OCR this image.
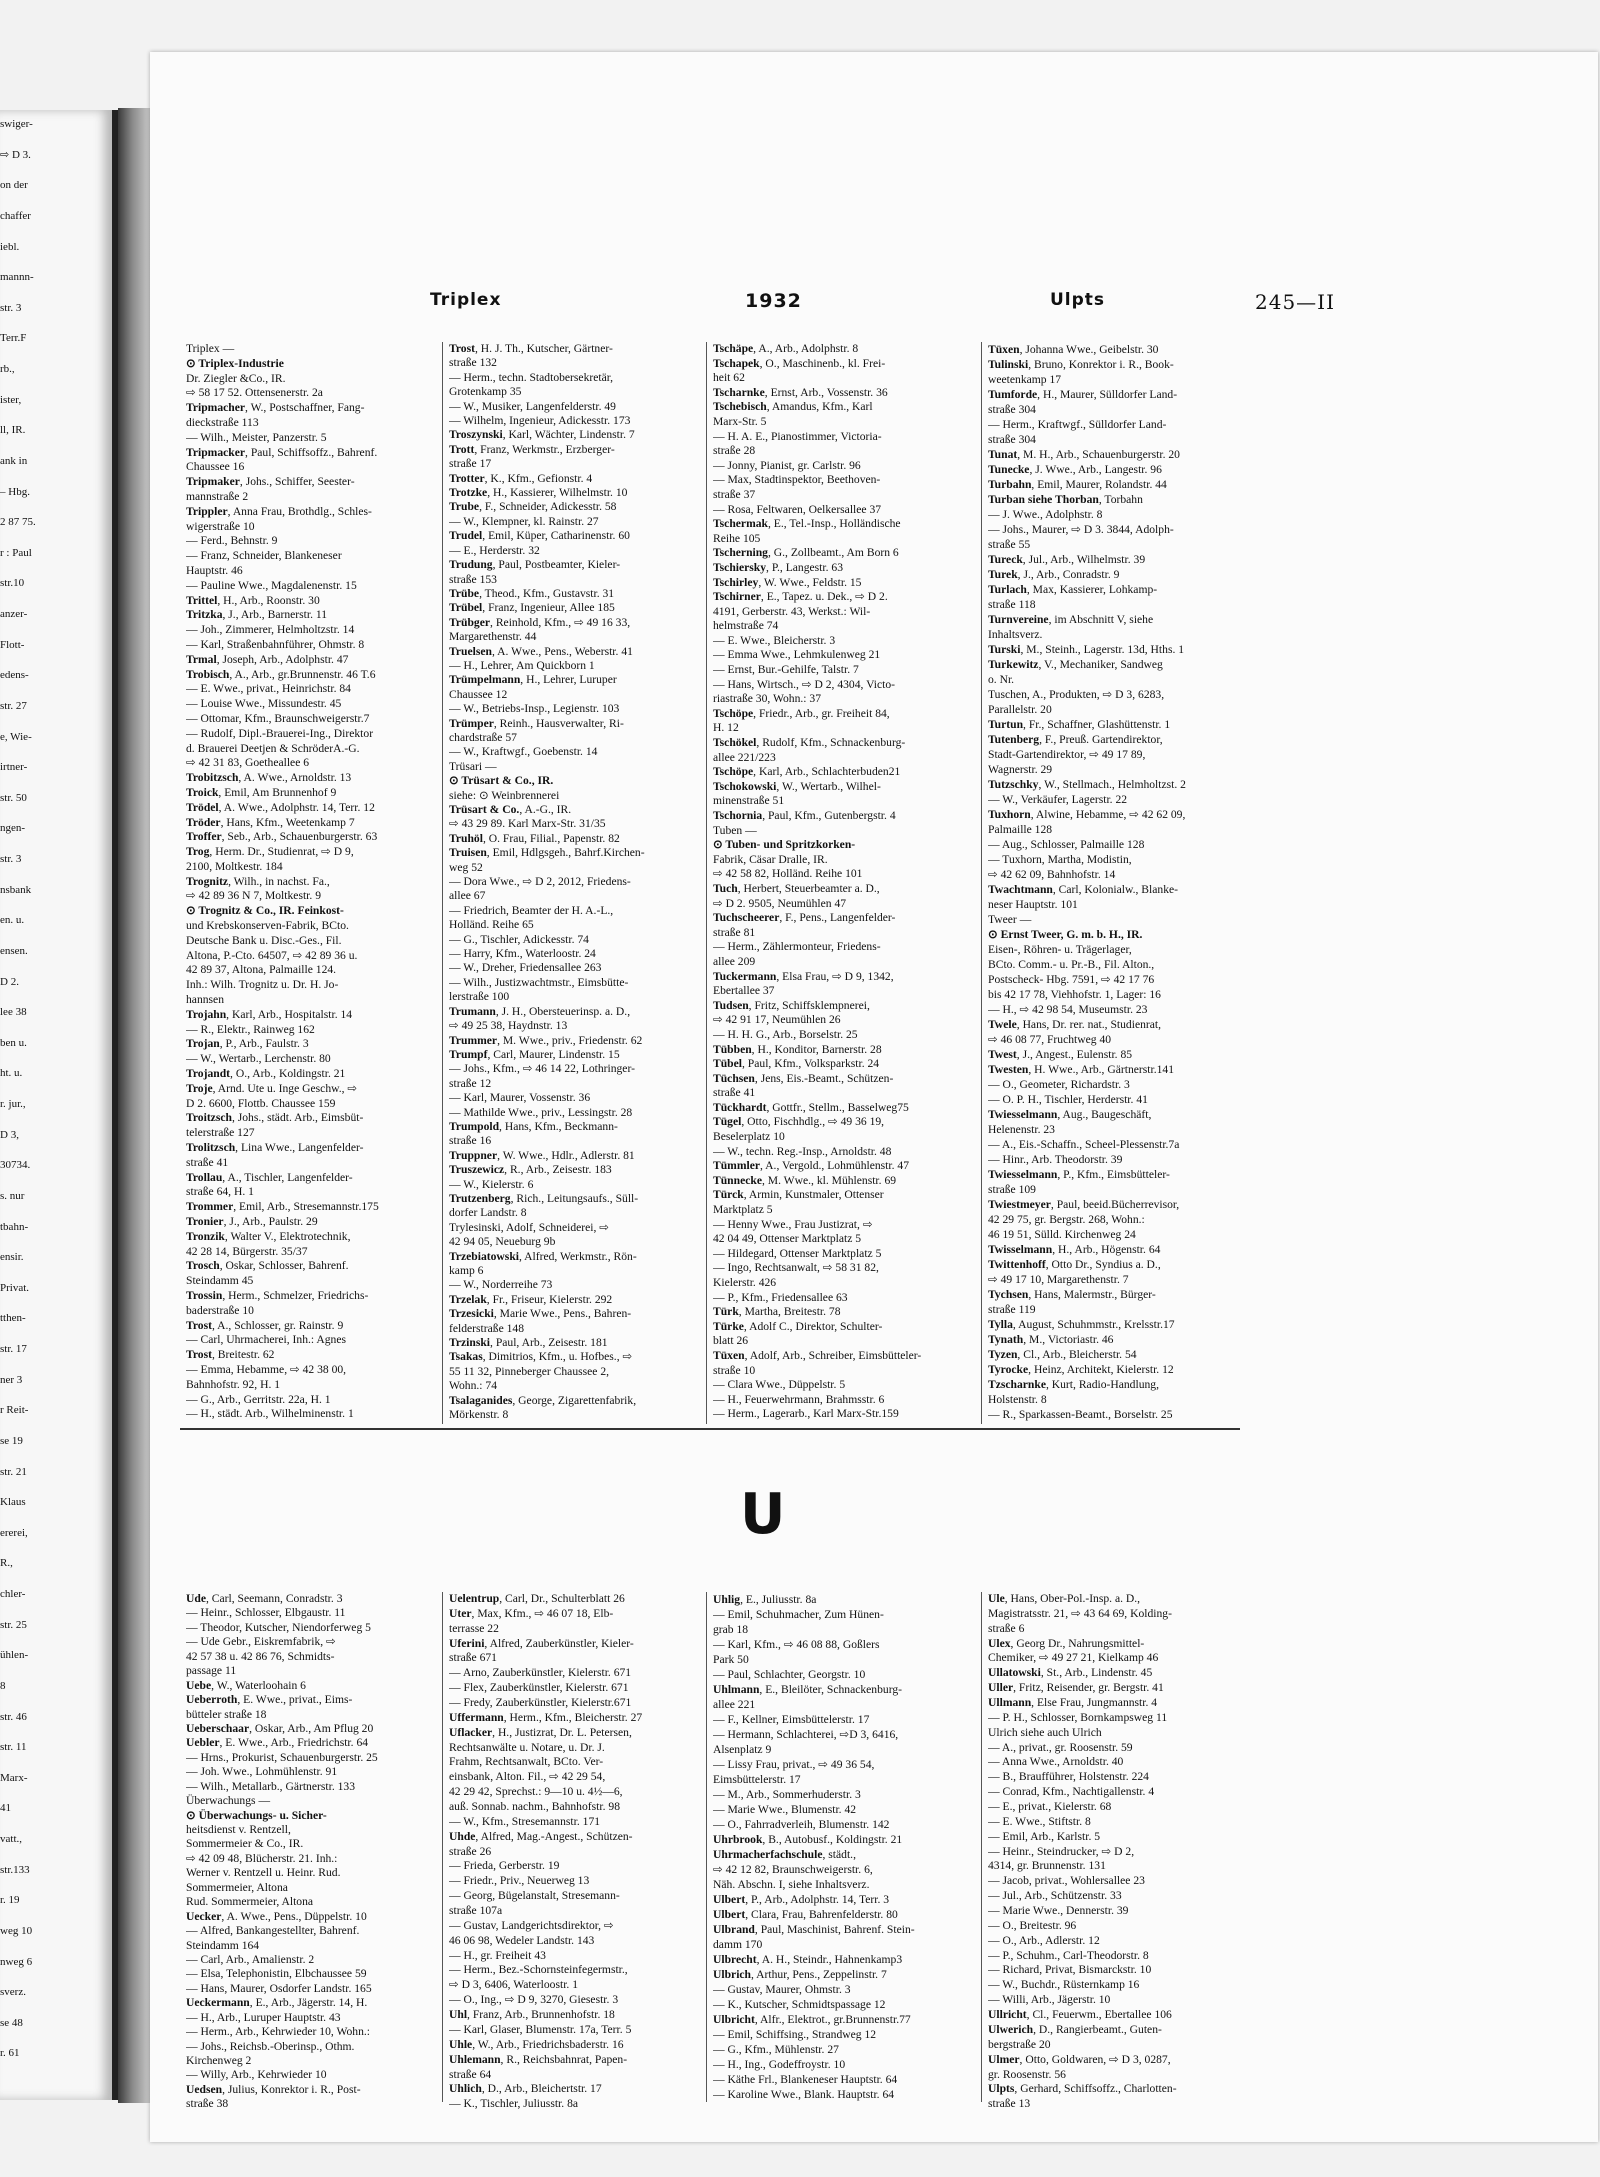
swiger-
⇨ D 3.
on der
chaffer
iebl.
mannn-
str. 3
Terr.F
rb.,
ister,
ll, IR.
ank in
– Hbg.
2 87 75.
r : Paul
str.10
anzer-
Flott-
edens-
str. 27
e, Wie-
irtner-
str. 50
ngen-
str. 3
nsbank
en. u.
ensen.
D 2.
lee 38
ben u.
ht. u.
r. jur.,
D 3,
30734.
s. nur
tbahn-
ensir.
Privat.
tthen-
str. 17
ner 3
r Reit-
se 19
str. 21
Klaus
ererei,
R.,
chler-
str. 25
ühlen-
8
str. 46
str. 11
Marx-
41
vatt.,
str.133
r. 19
weg 10
nweg 6
sverz.
se 48
r. 61
Triplex	1932	Ulpts	245—II
Triplex —
⊙ Triplex-Industrie
Dr. Ziegler &Co., IR.
⇨ 58 17 52. Ottensenerstr. 2a
Tripmacher, W., Postschaffner, Fang-
dieckstraße 113
— Wilh., Meister, Panzerstr. 5
Tripmacker, Paul, Schiffsoffz., Bahrenf.
Chaussee 16
Tripmaker, Johs., Schiffer, Seester-
mannstraße 2
Trippler, Anna Frau, Brothdlg., Schles-
wigerstraße 10
— Ferd., Behnstr. 9
— Franz, Schneider, Blankeneser
Hauptstr. 46
— Pauline Wwe., Magdalenenstr. 15
Trittel, H., Arb., Roonstr. 30
Tritzka, J., Arb., Barnerstr. 11
— Joh., Zimmerer, Helmholtzstr. 14
— Karl, Straßenbahnführer, Ohmstr. 8
Trmal, Joseph, Arb., Adolphstr. 47
Trobisch, A., Arb., gr.Brunnenstr. 46 T.6
— E. Wwe., privat., Heinrichstr. 84
— Louise Wwe., Missundestr. 45
— Ottomar, Kfm., Braunschweigerstr.7
— Rudolf, Dipl.-Brauerei-Ing., Direktor
d. Brauerei Deetjen & SchröderA.-G.
⇨ 42 31 83, Goetheallee 6
Trobitzsch, A. Wwe., Arnoldstr. 13
Troick, Emil, Am Brunnenhof 9
Trödel, A. Wwe., Adolphstr. 14, Terr. 12
Tröder, Hans, Kfm., Weetenkamp 7
Troffer, Seb., Arb., Schauenburgerstr. 63
Trog, Herm. Dr., Studienrat, ⇨ D 9,
2100, Moltkestr. 184
Trognitz, Wilh., in nachst. Fa.,
⇨ 42 89 36 N 7, Moltkestr. 9
⊙ Trognitz & Co., IR. Feinkost-
und Krebskonserven-Fabrik, BCto.
Deutsche Bank u. Disc.-Ges., Fil.
Altona, P.-Cto. 64507, ⇨ 42 89 36 u.
42 89 37, Altona, Palmaille 124.
Inh.: Wilh. Trognitz u. Dr. H. Jo-
hannsen
Trojahn, Karl, Arb., Hospitalstr. 14
— R., Elektr., Rainweg 162
Trojan, P., Arb., Faulstr. 3
— W., Wertarb., Lerchenstr. 80
Trojandt, O., Arb., Koldingstr. 21
Troje, Arnd. Ute u. Inge Geschw., ⇨
D 2. 6600, Flottb. Chaussee 159
Troitzsch, Johs., städt. Arb., Eimsbüt-
telerstraße 127
Trolitzsch, Lina Wwe., Langenfelder-
straße 41
Trollau, A., Tischler, Langenfelder-
straße 64, H. 1
Trommer, Emil, Arb., Stresemannstr.175
Tronier, J., Arb., Paulstr. 29
Tronzik, Walter V., Elektrotechnik,
42 28 14, Bürgerstr. 35/37
Trosch, Oskar, Schlosser, Bahrenf.
Steindamm 45
Trossin, Herm., Schmelzer, Friedrichs-
baderstraße 10
Trost, A., Schlosser, gr. Rainstr. 9
— Carl, Uhrmacherei, Inh.: Agnes
Trost, Breitestr. 62
— Emma, Hebamme, ⇨ 42 38 00,
Bahnhofstr. 92, H. 1
— G., Arb., Gerritstr. 22a, H. 1
— H., städt. Arb., Wilhelminenstr. 1
Trost, H. J. Th., Kutscher, Gärtner-
straße 132
— Herm., techn. Stadtobersekretär,
Grotenkamp 35
— W., Musiker, Langenfelderstr. 49
— Wilhelm, Ingenieur, Adickesstr. 173
Troszynski, Karl, Wächter, Lindenstr. 7
Trott, Franz, Werkmstr., Erzberger-
straße 17
Trotter, K., Kfm., Gefionstr. 4
Trotzke, H., Kassierer, Wilhelmstr. 10
Trube, F., Schneider, Adickesstr. 58
— W., Klempner, kl. Rainstr. 27
Trudel, Emil, Küper, Catharinenstr. 60
— E., Herderstr. 32
Trudung, Paul, Postbeamter, Kieler-
straße 153
Trübe, Theod., Kfm., Gustavstr. 31
Trübel, Franz, Ingenieur, Allee 185
Trübger, Reinhold, Kfm., ⇨ 49 16 33,
Margarethenstr. 44
Truelsen, A. Wwe., Pens., Weberstr. 41
— H., Lehrer, Am Quickborn 1
Trümpelmann, H., Lehrer, Luruper
Chaussee 12
— W., Betriebs-Insp., Legienstr. 103
Trümper, Reinh., Hausverwalter, Ri-
chardstraße 57
— W., Kraftwgf., Goebenstr. 14
Trüsari —
⊙ Trüsart & Co., IR.
siehe: ⊙ Weinbrennerei
Trüsart & Co., A.-G., IR.
⇨ 43 29 89. Karl Marx-Str. 31/35
Truhöl, O. Frau, Filial., Papenstr. 82
Truisen, Emil, Hdlgsgeh., Bahrf.Kirchen-
weg 52
— Dora Wwe., ⇨ D 2, 2012, Friedens-
allee 67
— Friedrich, Beamter der H. A.-L.,
Holländ. Reihe 65
— G., Tischler, Adickesstr. 74
— Harry, Kfm., Waterloostr. 24
— W., Dreher, Friedensallee 263
— Wilh., Justizwachtmstr., Eimsbütte-
lerstraße 100
Trumann, J. H., Obersteuerinsp. a. D.,
⇨ 49 25 38, Haydnstr. 13
Trummer, M. Wwe., priv., Friedenstr. 62
Trumpf, Carl, Maurer, Lindenstr. 15
— Johs., Kfm., ⇨ 46 14 22, Lothringer-
straße 12
— Karl, Maurer, Vossenstr. 36
— Mathilde Wwe., priv., Lessingstr. 28
Trumpold, Hans, Kfm., Beckmann-
straße 16
Truppner, W. Wwe., Hdlr., Adlerstr. 81
Truszewicz, R., Arb., Zeisestr. 183
— W., Kielerstr. 6
Trutzenberg, Rich., Leitungsaufs., Süll-
dorfer Landstr. 8
Trylesinski, Adolf, Schneiderei, ⇨
42 94 05, Neueburg 9b
Trzebiatowski, Alfred, Werkmstr., Rön-
kamp 6
— W., Norderreihe 73
Trzelak, Fr., Friseur, Kielerstr. 292
Trzesicki, Marie Wwe., Pens., Bahren-
felderstraße 148
Trzinski, Paul, Arb., Zeisestr. 181
Tsakas, Dimitrios, Kfm., u. Hofbes., ⇨
55 11 32, Pinneberger Chaussee 2,
Wohn.: 74
Tsalaganides, George, Zigarettenfabrik,
Mörkenstr. 8
Tschäpe, A., Arb., Adolphstr. 8
Tschapek, O., Maschinenb., kl. Frei-
heit 62
Tscharnke, Ernst, Arb., Vossenstr. 36
Tschebisch, Amandus, Kfm., Karl
Marx-Str. 5
— H. A. E., Pianostimmer, Victoria-
straße 28
— Jonny, Pianist, gr. Carlstr. 96
— Max, Stadtinspektor, Beethoven-
straße 37
— Rosa, Feltwaren, Oelkersallee 37
Tschermak, E., Tel.-Insp., Holländische
Reihe 105
Tscherning, G., Zollbeamt., Am Born 6
Tschiersky, P., Langestr. 63
Tschirley, W. Wwe., Feldstr. 15
Tschirner, E., Tapez. u. Dek., ⇨ D 2.
4191, Gerberstr. 43, Werkst.: Wil-
helmstraße 74
— E. Wwe., Bleicherstr. 3
— Emma Wwe., Lehmkulenweg 21
— Ernst, Bur.-Gehilfe, Talstr. 7
— Hans, Wirtsch., ⇨ D 2, 4304, Victo-
riastraße 30, Wohn.: 37
Tschöpe, Friedr., Arb., gr. Freiheit 84,
H. 12
Tschökel, Rudolf, Kfm., Schnackenburg-
allee 221/223
Tschöpe, Karl, Arb., Schlachterbuden21
Tschokowski, W., Wertarb., Wilhel-
minenstraße 51
Tschornia, Paul, Kfm., Gutenbergstr. 4
Tuben —
⊙ Tuben- und Spritzkorken-
Fabrik, Cäsar Dralle, IR.
⇨ 42 58 82, Holländ. Reihe 101
Tuch, Herbert, Steuerbeamter a. D.,
⇨ D 2. 9505, Neumühlen 47
Tuchscheerer, F., Pens., Langenfelder-
straße 81
— Herm., Zählermonteur, Friedens-
allee 209
Tuckermann, Elsa Frau, ⇨ D 9, 1342,
Ebertallee 37
Tudsen, Fritz, Schiffsklempnerei,
⇨ 42 91 17, Neumühlen 26
— H. H. G., Arb., Borselstr. 25
Tübben, H., Konditor, Barnerstr. 28
Tübel, Paul, Kfm., Volksparkstr. 24
Tüchsen, Jens, Eis.-Beamt., Schützen-
straße 41
Tückhardt, Gottfr., Stellm., Basselweg75
Tügel, Otto, Fischhdlg., ⇨ 49 36 19,
Beselerplatz 10
— W., techn. Reg.-Insp., Arnoldstr. 48
Tümmler, A., Vergold., Lohmühlenstr. 47
Tünnecke, M. Wwe., kl. Mühlenstr. 69
Türck, Armin, Kunstmaler, Ottenser
Marktplatz 5
— Henny Wwe., Frau Justizrat, ⇨
42 04 49, Ottenser Marktplatz 5
— Hildegard, Ottenser Marktplatz 5
— Ingo, Rechtsanwalt, ⇨ 58 31 82,
Kielerstr. 426
— P., Kfm., Friedensallee 63
Türk, Martha, Breitestr. 78
Türke, Adolf C., Direktor, Schulter-
blatt 26
Tüxen, Adolf, Arb., Schreiber, Eimsbütteler-
straße 10
— Clara Wwe., Düppelstr. 5
— H., Feuerwehrmann, Brahmsstr. 6
— Herm., Lagerarb., Karl Marx-Str.159
Tüxen, Johanna Wwe., Geibelstr. 30
Tulinski, Bruno, Konrektor i. R., Book-
weetenkamp 17
Tumforde, H., Maurer, Sülldorfer Land-
straße 304
— Herm., Kraftwgf., Sülldorfer Land-
straße 304
Tunat, M. H., Arb., Schauenburgerstr. 20
Tunecke, J. Wwe., Arb., Langestr. 96
Turbahn, Emil, Maurer, Rolandstr. 44
Turban siehe Thorban, Torbahn
— J. Wwe., Adolphstr. 8
— Johs., Maurer, ⇨ D 3. 3844, Adolph-
straße 55
Tureck, Jul., Arb., Wilhelmstr. 39
Turek, J., Arb., Conradstr. 9
Turlach, Max, Kassierer, Lohkamp-
straße 118
Turnvereine, im Abschnitt V, siehe
Inhaltsverz.
Turski, M., Steinh., Lagerstr. 13d, Hths. 1
Turkewitz, V., Mechaniker, Sandweg
o. Nr.
Tuschen, A., Produkten, ⇨ D 3, 6283,
Parallelstr. 20
Turtun, Fr., Schaffner, Glashüttenstr. 1
Tutenberg, F., Preuß. Gartendirektor,
Stadt-Gartendirektor, ⇨ 49 17 89,
Wagnerstr. 29
Tutzschky, W., Stellmach., Helmholtzst. 2
— W., Verkäufer, Lagerstr. 22
Tuxhorn, Alwine, Hebamme, ⇨ 42 62 09,
Palmaille 128
— Aug., Schlosser, Palmaille 128
— Tuxhorn, Martha, Modistin,
⇨ 42 62 09, Bahnhofstr. 14
Twachtmann, Carl, Kolonialw., Blanke-
neser Hauptstr. 101
Tweer —
⊙ Ernst Tweer, G. m. b. H., IR.
Eisen-, Röhren- u. Trägerlager,
BCto. Comm.- u. Pr.-B., Fil. Alton.,
Postscheck- Hbg. 7591, ⇨ 42 17 76
bis 42 17 78, Viehhofstr. 1, Lager: 16
— H., ⇨ 42 98 54, Museumstr. 23
Twele, Hans, Dr. rer. nat., Studienrat,
⇨ 46 08 77, Fruchtweg 40
Twest, J., Angest., Eulenstr. 85
Twesten, H. Wwe., Arb., Gärtnerstr.141
— O., Geometer, Richardstr. 3
— O. P. H., Tischler, Herderstr. 41
Twiesselmann, Aug., Baugeschäft,
Helenenstr. 23
— A., Eis.-Schaffn., Scheel-Plessenstr.7a
— Hinr., Arb. Theodorstr. 39
Twiesselmann, P., Kfm., Eimsbütteler-
straße 109
Twiestmeyer, Paul, beeid.Bücherrevisor,
42 29 75, gr. Bergstr. 268, Wohn.:
46 19 51, Sülld. Kirchenweg 24
Twisselmann, H., Arb., Högenstr. 64
Twittenhoff, Otto Dr., Syndius a. D.,
⇨ 49 17 10, Margarethenstr. 7
Tychsen, Hans, Malermstr., Bürger-
straße 119
Tylla, August, Schuhmmstr., Krelsstr.17
Tynath, M., Victoriastr. 46
Tyzen, Cl., Arb., Bleicherstr. 54
Tyrocke, Heinz, Architekt, Kielerstr. 12
Tzscharnke, Kurt, Radio-Handlung,
Holstenstr. 8
— R., Sparkassen-Beamt., Borselstr. 25
U
Ude, Carl, Seemann, Conradstr. 3
— Heinr., Schlosser, Elbgaustr. 11
— Theodor, Kutscher, Niendorferweg 5
— Ude Gebr., Eiskremfabrik, ⇨
42 57 38 u. 42 86 76, Schmidts-
passage 11
Uebe, W., Waterloohain 6
Ueberroth, E. Wwe., privat., Eims-
bütteler straße 18
Ueberschaar, Oskar, Arb., Am Pflug 20
Uebler, E. Wwe., Arb., Friedrichstr. 64
— Hrns., Prokurist, Schauenburgerstr. 25
— Joh. Wwe., Lohmühlenstr. 91
— Wilh., Metallarb., Gärtnerstr. 133
Überwachungs —
⊙ Überwachungs- u. Sicher-
heitsdienst v. Rentzell,
Sommermeier & Co., IR.
⇨ 42 09 48, Blücherstr. 21. Inh.:
Werner v. Rentzell u. Heinr. Rud.
Sommermeier, Altona
Rud. Sommermeier, Altona
Uecker, A. Wwe., Pens., Düppelstr. 10
— Alfred, Bankangestellter, Bahrenf.
Steindamm 164
— Carl, Arb., Amalienstr. 2
— Elsa, Telephonistin, Elbchaussee 59
— Hans, Maurer, Osdorfer Landstr. 165
Ueckermann, E., Arb., Jägerstr. 14, H.
— H., Arb., Luruper Hauptstr. 43
— Herm., Arb., Kehrwieder 10, Wohn.:
— Johs., Reichsb.-Oberinsp., Othm.
Kirchenweg 2
— Willy, Arb., Kehrwieder 10
Uedsen, Julius, Konrektor i. R., Post-
straße 38
Uelentrup, Carl, Dr., Schulterblatt 26
Uter, Max, Kfm., ⇨ 46 07 18, Elb-
terrasse 22
Uferini, Alfred, Zauberkünstler, Kieler-
straße 671
— Arno, Zauberkünstler, Kielerstr. 671
— Flex, Zauberkünstler, Kielerstr. 671
— Fredy, Zauberkünstler, Kielerstr.671
Uffermann, Herm., Kfm., Bleicherstr. 27
Uflacker, H., Justizrat, Dr. L. Petersen,
Rechtsanwälte u. Notare, u. Dr. J.
Frahm, Rechtsanwalt, BCto. Ver-
einsbank, Alton. Fil., ⇨ 42 29 54,
42 29 42, Sprechst.: 9—10 u. 4½—6,
auß. Sonnab. nachm., Bahnhofstr. 98
— W., Kfm., Stresemannstr. 171
Uhde, Alfred, Mag.-Angest., Schützen-
straße 26
— Frieda, Gerberstr. 19
— Friedr., Priv., Neuerweg 13
— Georg, Bügelanstalt, Stresemann-
straße 107a
— Gustav, Landgerichtsdirektor, ⇨
46 06 98, Wedeler Landstr. 143
— H., gr. Freiheit 43
— Herm., Bez.-Schornsteinfegermstr.,
⇨ D 3, 6406, Waterloostr. 1
— O., Ing., ⇨ D 9, 3270, Giesestr. 3
Uhl, Franz, Arb., Brunnenhofstr. 18
— Karl, Glaser, Blumenstr. 17a, Terr. 5
Uhle, W., Arb., Friedrichsbaderstr. 16
Uhlemann, R., Reichsbahnrat, Papen-
straße 64
Uhlich, D., Arb., Bleichertstr. 17
— K., Tischler, Juliusstr. 8a
Uhlig, E., Juliusstr. 8a
— Emil, Schuhmacher, Zum Hünen-
grab 18
— Karl, Kfm., ⇨ 46 08 88, Goßlers
Park 50
— Paul, Schlachter, Georgstr. 10
Uhlmann, E., Bleilöter, Schnackenburg-
allee 221
— F., Kellner, Eimsbüttelerstr. 17
— Hermann, Schlachterei, ⇨D 3, 6416,
Alsenplatz 9
— Lissy Frau, privat., ⇨ 49 36 54,
Eimsbüttelerstr. 17
— M., Arb., Sommerhuderstr. 3
— Marie Wwe., Blumenstr. 42
— O., Fahrradverleih, Blumenstr. 142
Uhrbrook, B., Autobusf., Koldingstr. 21
Uhrmacherfachschule, städt.,
⇨ 42 12 82, Braunschweigerstr. 6,
Näh. Abschn. I, siehe Inhaltsverz.
Ulbert, P., Arb., Adolphstr. 14, Terr. 3
Ulbert, Clara, Frau, Bahrenfelderstr. 80
Ulbrand, Paul, Maschinist, Bahrenf. Stein-
damm 170
Ulbrecht, A. H., Steindr., Hahnenkamp3
Ulbrich, Arthur, Pens., Zeppelinstr. 7
— Gustav, Maurer, Ohmstr. 3
— K., Kutscher, Schmidtspassage 12
Ulbricht, Alfr., Elektrot., gr.Brunnenstr.77
— Emil, Schiffsing., Strandweg 12
— G., Kfm., Mühlenstr. 27
— H., Ing., Godeffroystr. 10
— Käthe Frl., Blankeneser Hauptstr. 64
— Karoline Wwe., Blank. Hauptstr. 64
Ule, Hans, Ober-Pol.-Insp. a. D.,
Magistratsstr. 21, ⇨ 43 64 69, Kolding-
straße 6
Ulex, Georg Dr., Nahrungsmittel-
Chemiker, ⇨ 49 27 21, Kielkamp 46
Ullatowski, St., Arb., Lindenstr. 45
Uller, Fritz, Reisender, gr. Bergstr. 41
Ullmann, Else Frau, Jungmannstr. 4
— P. H., Schlosser, Bornkampsweg 11
Ulrich siehe auch Ulrich
— A., privat., gr. Roosenstr. 59
— Anna Wwe., Arnoldstr. 40
— B., Braufführer, Holstenstr. 224
— Conrad, Kfm., Nachtigallenstr. 4
— E., privat., Kielerstr. 68
— E. Wwe., Stiftstr. 8
— Emil, Arb., Karlstr. 5
— Heinr., Steindrucker, ⇨ D 2,
4314, gr. Brunnenstr. 131
— Jacob, privat., Wohlersallee 23
— Jul., Arb., Schützenstr. 33
— Marie Wwe., Dennerstr. 39
— O., Breitestr. 96
— O., Arb., Adlerstr. 12
— P., Schuhm., Carl-Theodorstr. 8
— Richard, Privat, Bismarckstr. 10
— W., Buchdr., Rüsternkamp 16
— Willi, Arb., Jägerstr. 10
Ullricht, Cl., Feuerwm., Ebertallee 106
Ulwerich, D., Rangierbeamt., Guten-
bergstraße 20
Ulmer, Otto, Goldwaren, ⇨ D 3, 0287,
gr. Roosenstr. 56
Ulpts, Gerhard, Schiffsoffz., Charlotten-
straße 13
